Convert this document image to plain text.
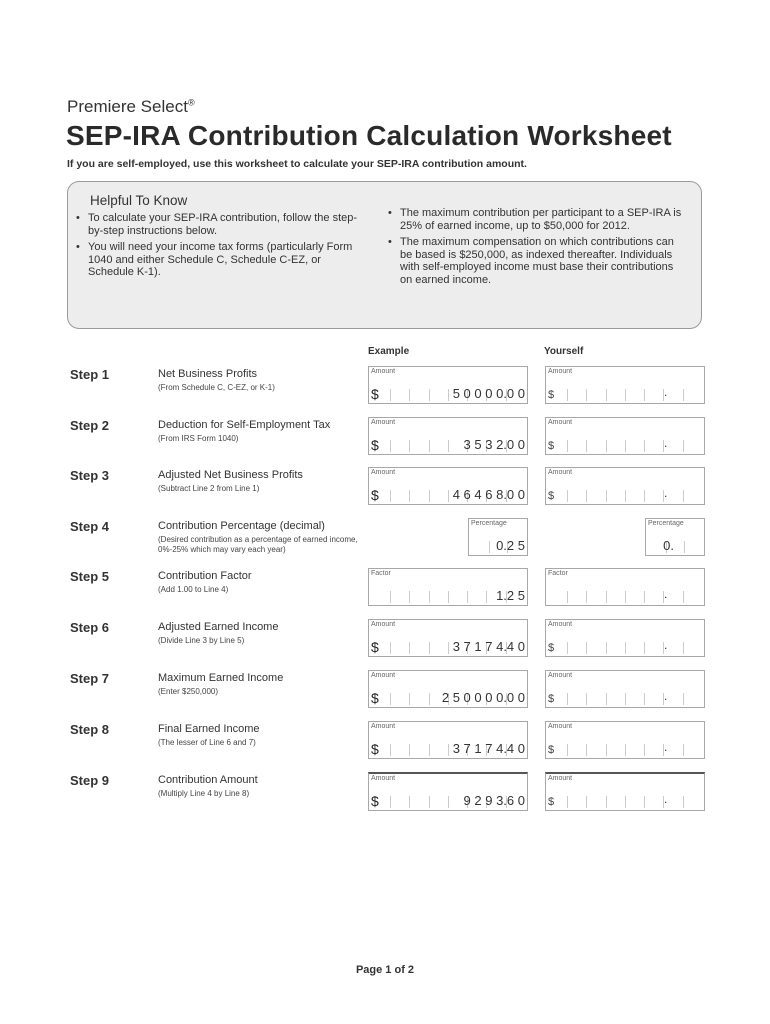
Premiere Select®
SEP-IRA Contribution Calculation Worksheet
If you are self-employed, use this worksheet to calculate your SEP-IRA contribution amount.
Helpful To Know
• To calculate your SEP-IRA contribution, follow the step-by-step instructions below.
• You will need your income tax forms (particularly Form 1040 and either Schedule C, Schedule C-EZ, or Schedule K-1).
• The maximum contribution per participant to a SEP-IRA is 25% of earned income, up to $50,000 for 2012.
• The maximum compensation on which contributions can be based is $250,000, as indexed thereafter. Individuals with self-employed income must base their contributions on earned income.
Example	Yourself
Step 1	Net Business Profits
(From Schedule C, C-EZ, or K-1)
Amount
$	5 0 0 0 0.0 0
Amount
$	.
Step 2	Deduction for Self-Employment Tax
(From IRS Form 1040)
Amount
$	3 5 3 2.0 0
Amount
$	.
Step 3	Adjusted Net Business Profits
(Subtract Line 2 from Line 1)
Amount
$	4 6 4 6 8.0 0
Amount
$	.
Step 4	Contribution Percentage (decimal)
(Desired contribution as a percentage of earned income, 0%-25% which may vary each year)
Percentage
0.2 5
Percentage
0.
Step 5	Contribution Factor
(Add 1.00 to Line 4)
Factor
1.2 5
Factor
.
Step 6	Adjusted Earned Income
(Divide Line 3 by Line 5)
Amount
$	3 7 1 7 4.4 0
Amount
$	.
Step 7	Maximum Earned Income
(Enter $250,000)
Amount
$	2 5 0 0 0 0.0 0
Amount
$	.
Step 8	Final Earned Income
(The lesser of Line 6 and 7)
Amount
$	3 7 1 7 4.4 0
Amount
$	.
Step 9	Contribution Amount
(Multiply Line 4 by Line 8)
Amount
$	9 2 9 3.6 0
Amount
$	.
Page 1 of 2
